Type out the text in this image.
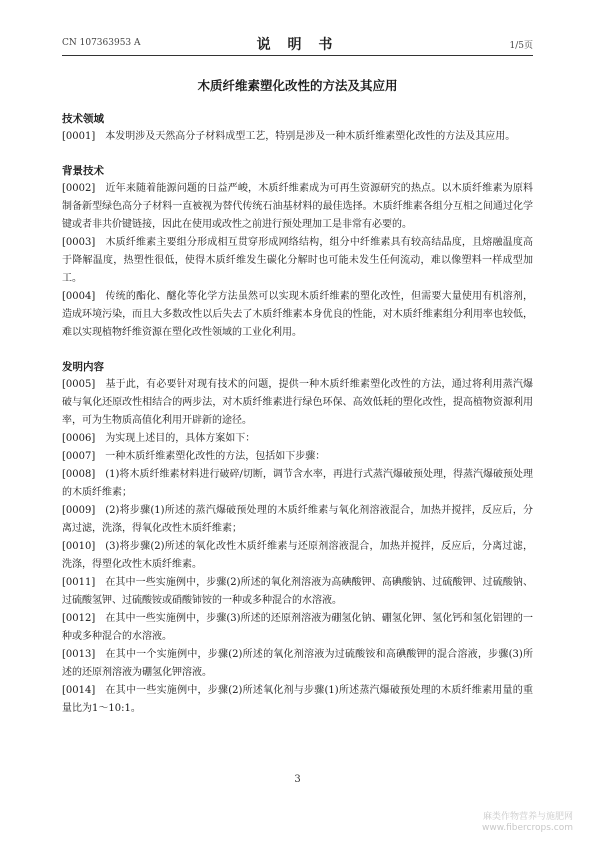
CN 107363953 A	说 明 书	1/5页
木质纤维素塑化改性的方法及其应用

技术领域

[0001] 本发明涉及天然高分子材料成型工艺，特别是涉及一种木质纤维素塑化改性的方法及其应用。

背景技术

[0002] 近年来随着能源问题的日益严峻，木质纤维素成为可再生资源研究的热点。以木质纤维素为原料制备新型绿色高分子材料一直被视为替代传统石油基材料的最佳选择。木质纤维素各组分互相之间通过化学键或者非共价键链接，因此在使用或改性之前进行预处理加工是非常有必要的。

[0003] 木质纤维素主要组分形成相互贯穿形成网络结构，组分中纤维素具有较高结晶度，且熔融温度高于降解温度，热塑性很低，使得木质纤维发生碳化分解时也可能未发生任何流动，难以像塑料一样成型加工。

[0004] 传统的酯化、醚化等化学方法虽然可以实现木质纤维素的塑化改性，但需要大量使用有机溶剂，造成环境污染，而且大多数改性以后失去了木质纤维素本身优良的性能，对木质纤维素组分利用率也较低，难以实现植物纤维资源在塑化改性领域的工业化利用。

发明内容

[0005] 基于此，有必要针对现有技术的问题，提供一种木质纤维素塑化改性的方法，通过将利用蒸汽爆破与氧化还原改性相结合的两步法，对木质纤维素进行绿色环保、高效低耗的塑化改性，提高植物资源利用率，可为生物质高值化利用开辟新的途径。

[0006] 为实现上述目的，具体方案如下：

[0007] 一种木质纤维素塑化改性的方法，包括如下步骤：

[0008] (1)将木质纤维素材料进行破碎/切断，调节含水率，再进行式蒸汽爆破预处理，得蒸汽爆破预处理的木质纤维素；

[0009] (2)将步骤(1)所述的蒸汽爆破预处理的木质纤维素与氧化剂溶液混合，加热并搅拌，反应后，分离过滤，洗涤，得氧化改性木质纤维素；

[0010] (3)将步骤(2)所述的氧化改性木质纤维素与还原剂溶液混合，加热并搅拌，反应后，分离过滤，洗涤，得塑化改性木质纤维素。

[0011] 在其中一些实施例中，步骤(2)所述的氧化剂溶液为高碘酸钾、高碘酸钠、过硫酸钾、过硫酸钠、过硫酸氢钾、过硫酸铵或硝酸铈铵的一种或多种混合的水溶液。

[0012] 在其中一些实施例中，步骤(3)所述的还原剂溶液为硼氢化钠、硼氢化钾、氢化钙和氢化铝锂的一种或多种混合的水溶液。

[0013] 在其中一个实施例中，步骤(2)所述的氧化剂溶液为过硫酸铵和高碘酸钾的混合溶液，步骤(3)所述的还原剂溶液为硼氢化钾溶液。

[0014] 在其中一些实施例中，步骤(2)所述氧化剂与步骤(1)所述蒸汽爆破预处理的木质纤维素用量的重量比为1～10:1。

3
麻类作物营养与施肥网
www.fibercrops.com
